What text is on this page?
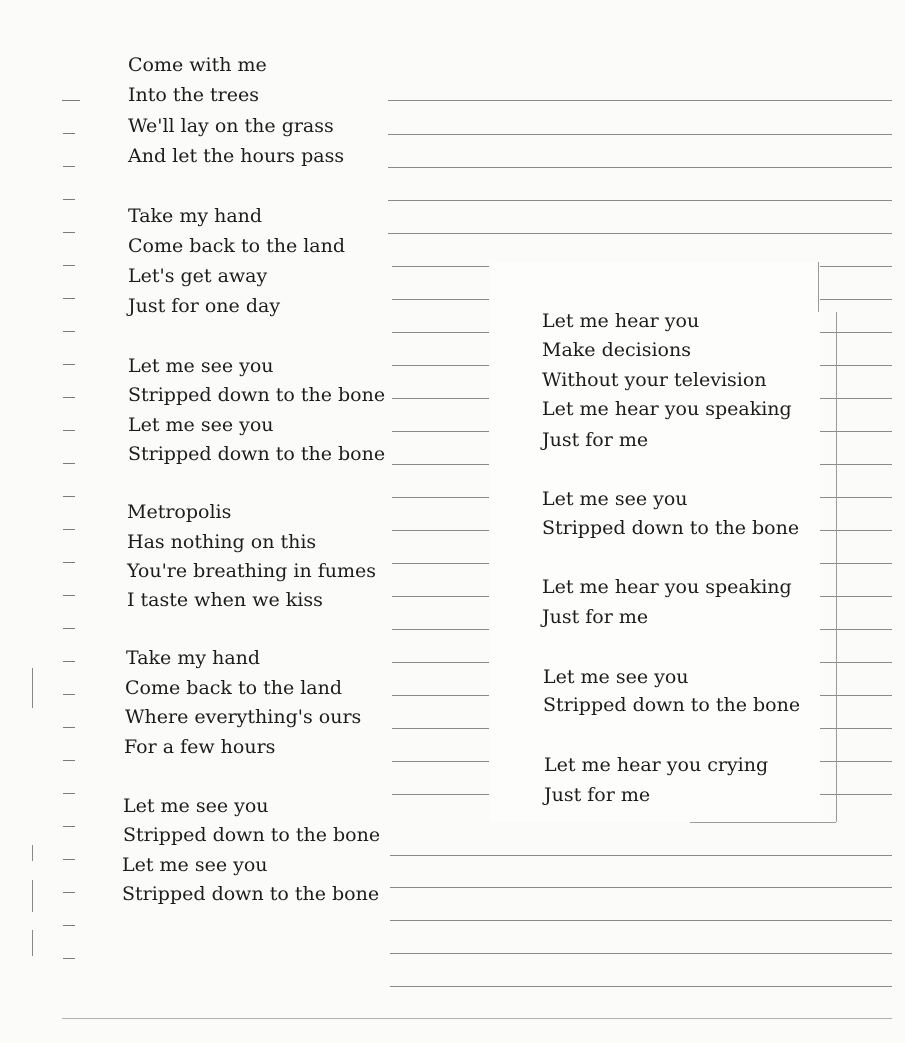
Come with me
Into the trees
We'll lay on the grass
And let the hours pass
Take my hand
Come back to the land
Let's get away
Just for one day
Let me see you
Stripped down to the bone
Let me see you
Stripped down to the bone
Metropolis
Has nothing on this
You're breathing in fumes
I taste when we kiss
Take my hand
Come back to the land
Where everything's ours
For a few hours
Let me see you
Stripped down to the bone
Let me see you
Stripped down to the bone
Let me hear you
Make decisions
Without your television
Let me hear you speaking
Just for me
Let me see you
Stripped down to the bone
Let me hear you speaking
Just for me
Let me see you
Stripped down to the bone
Let me hear you crying
Just for me
